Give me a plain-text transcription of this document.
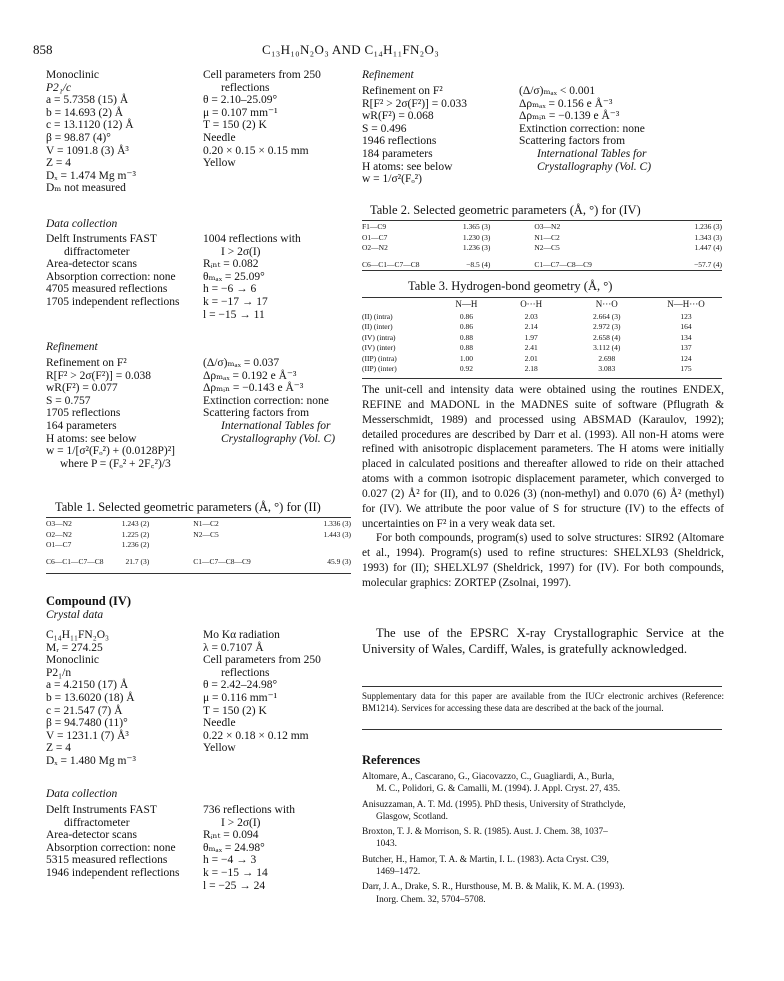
858	C₁₃H₁₀N₂O₃ AND C₁₄H₁₁FN₂O₃
Monoclinic
P2₁/c
a = 5.7358 (15) Å
b = 14.693 (2) Å
c = 13.1120 (12) Å
β = 98.87 (4)°
V = 1091.8 (3) Å³
Z = 4
Dₓ = 1.474 Mg m⁻³
Dₘ not measured
Cell parameters from 250
reflections
θ = 2.10–25.09°
μ = 0.107 mm⁻¹
T = 150 (2) K
Needle
0.20 × 0.15 × 0.15 mm
Yellow
Data collection
Delft Instruments FAST
diffractometer
Area-detector scans
Absorption correction: none
4705 measured reflections
1705 independent reflections
1004 reflections with
I > 2σ(I)
Rᵢₙₜ = 0.082
θₘₐₓ = 25.09°
h = −6 → 6
k = −17 → 17
l = −15 → 11
Refinement
Refinement on F²
R[F² > 2σ(F²)] = 0.038
wR(F²) = 0.077
S = 0.757
1705 reflections
164 parameters
H atoms: see below
w = 1/[σ²(Fₒ²) + (0.0128P)²]
where P = (Fₒ² + 2F꜀²)/3
(Δ/σ)ₘₐₓ = 0.037
Δρₘₐₓ = 0.192 e Å⁻³
Δρₘᵢₙ = −0.143 e Å⁻³
Extinction correction: none
Scattering factors from
International Tables for
Crystallography (Vol. C)
Table 1. Selected geometric parameters (Å, °) for (II)
O3—N2	1.243 (2)	N1—C2	1.336 (3)
O2—N2	1.225 (2)	N2—C5	1.443 (3)
O1—C7	1.236 (2)		
C6—C1—C7—C8	21.7 (3)	C1—C7—C8—C9	45.9 (3)
Compound (IV)
Crystal data
C₁₄H₁₁FN₂O₃
Mᵣ = 274.25
Monoclinic
P2₁/n
a = 4.2150 (17) Å
b = 13.6020 (18) Å
c = 21.547 (7) Å
β = 94.7480 (11)°
V = 1231.1 (7) Å³
Z = 4
Dₓ = 1.480 Mg m⁻³
Mo Kα radiation
λ = 0.7107 Å
Cell parameters from 250
reflections
θ = 2.42–24.98°
μ = 0.116 mm⁻¹
T = 150 (2) K
Needle
0.22 × 0.18 × 0.12 mm
Yellow
Data collection
Delft Instruments FAST
diffractometer
Area-detector scans
Absorption correction: none
5315 measured reflections
1946 independent reflections
736 reflections with
I > 2σ(I)
Rᵢₙₜ = 0.094
θₘₐₓ = 24.98°
h = −4 → 3
k = −15 → 14
l = −25 → 24
Refinement
Refinement on F²
R[F² > 2σ(F²)] = 0.033
wR(F²) = 0.068
S = 0.496
1946 reflections
184 parameters
H atoms: see below
w = 1/σ²(Fₒ²)
(Δ/σ)ₘₐₓ < 0.001
Δρₘₐₓ = 0.156 e Å⁻³
Δρₘᵢₙ = −0.139 e Å⁻³
Extinction correction: none
Scattering factors from
International Tables for
Crystallography (Vol. C)
Table 2. Selected geometric parameters (Å, °) for (IV)
F1—C9	1.365 (3)	O3—N2	1.236 (3)
O1—C7	1.230 (3)	N1—C2	1.343 (3)
O2—N2	1.236 (3)	N2—C5	1.447 (4)
C6—C1—C7—C8	−8.5 (4)	C1—C7—C8—C9	−57.7 (4)
Table 3. Hydrogen-bond geometry (Å, °)
	N—H	O···H	N···O	N—H···O
(II) (intra)	0.86	2.03	2.664 (3)	123
(II) (inter)	0.86	2.14	2.972 (3)	164
(IV) (intra)	0.88	1.97	2.658 (4)	134
(IV) (inter)	0.88	2.41	3.112 (4)	137
(IIP) (intra)	1.00	2.01	2.698	124
(IIP) (inter)	0.92	2.18	3.083	175

The unit-cell and intensity data were obtained using the routines ENDEX, REFINE and MADONL in the MADNES suite of software (Pflugrath & Messerschmidt, 1989) and processed using ABSMAD (Karaulov, 1992); detailed procedures are described by Darr et al. (1993). All non-H atoms were refined with anisotropic displacement parameters. The H atoms were initially placed in calculated positions and thereafter allowed to ride on their attached atoms with a common isotropic displacement parameter, which converged to 0.027 (2) Å² for (II), and to 0.026 (3) (non-methyl) and 0.070 (6) Å² (methyl) for (IV). We attribute the poor value of S for structure (IV) to the effects of uncertainties on F² in a very weak data set.

For both compounds, program(s) used to solve structures: SIR92 (Altomare et al., 1994). Program(s) used to refine structures: SHELXL93 (Sheldrick, 1993) for (II); SHELXL97 (Sheldrick, 1997) for (IV). For both compounds, molecular graphics: ZORTEP (Zsolnai, 1997).

The use of the EPSRC X-ray Crystallographic Service at the University of Wales, Cardiff, Wales, is gratefully acknowledged.
Supplementary data for this paper are available from the IUCr electronic archives (Reference: BM1214). Services for accessing these data are described at the back of the journal.
References
Altomare, A., Cascarano, G., Giacovazzo, C., Guagliardi, A., Burla,
M. C., Polidori, G. & Camalli, M. (1994). J. Appl. Cryst. 27, 435.
Anisuzzaman, A. T. Md. (1995). PhD thesis, University of Strathclyde,
Glasgow, Scotland.
Broxton, T. J. & Morrison, S. R. (1985). Aust. J. Chem. 38, 1037–
1043.
Butcher, H., Hamor, T. A. & Martin, I. L. (1983). Acta Cryst. C39,
1469–1472.
Darr, J. A., Drake, S. R., Hursthouse, M. B. & Malik, K. M. A. (1993).
Inorg. Chem. 32, 5704–5708.
